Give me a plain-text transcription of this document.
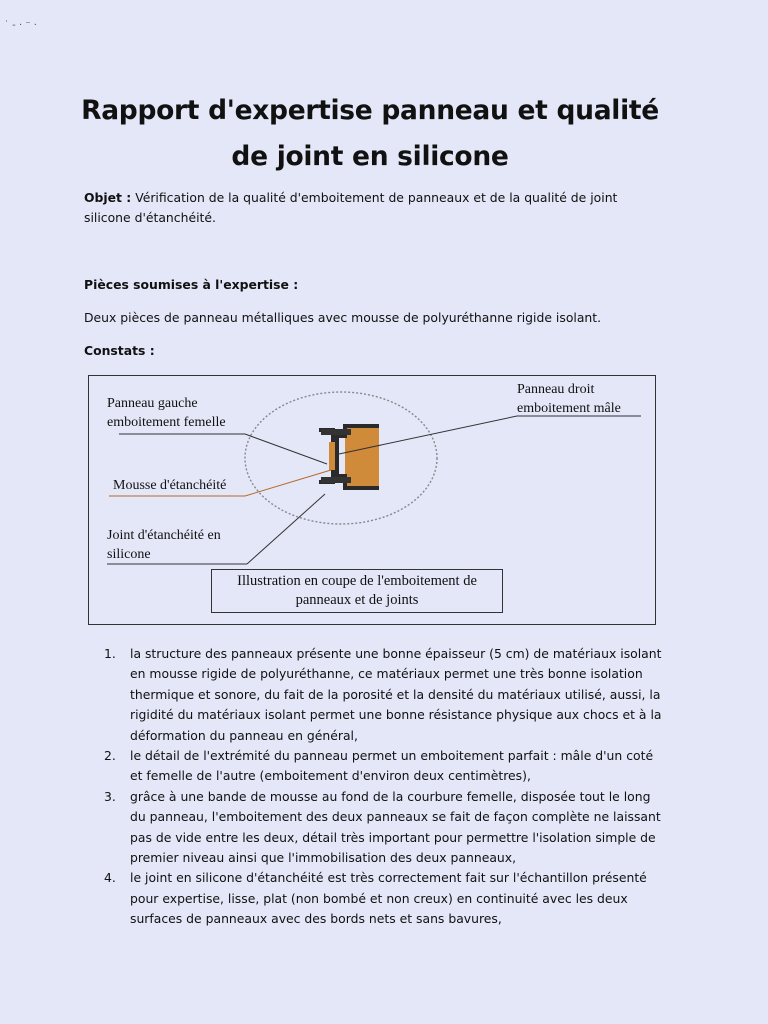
˙ ‐ · ⁻ ·
Rapport d'expertise panneau et qualité
de joint en silicone
Objet : Vérification de la qualité d'emboitement de panneaux et de la qualité de joint silicone d'étanchéité.
Pièces soumises à l'expertise :
Deux pièces de panneau métalliques avec mousse de polyuréthanne rigide isolant.
Constats :
Panneau gauche
emboitement femelle
Panneau droit
emboitement mâle
Mousse d'étanchéité
Joint d'étanchéité en
silicone
Illustration en coupe de l'emboitement de
panneaux et de joints
1. la structure des panneaux présente une bonne épaisseur (5 cm) de matériaux isolant en mousse rigide de polyuréthanne, ce matériaux permet une très bonne isolation thermique et sonore, du fait de la porosité et la densité du matériaux utilisé, aussi, la rigidité du matériaux isolant permet une bonne résistance physique aux chocs et à la déformation du panneau en général,
2. le détail de l'extrémité du panneau permet un emboitement parfait : mâle d'un coté et femelle de l'autre (emboitement d'environ deux centimètres),
3. grâce à une bande de mousse au fond de la courbure femelle, disposée tout le long du panneau, l'emboitement des deux panneaux se fait de façon complète ne laissant pas de vide entre les deux, détail très important pour permettre l'isolation simple de premier niveau ainsi que l'immobilisation des deux panneaux,
4. le joint en silicone d'étanchéité est très correctement fait sur l'échantillon présenté pour expertise, lisse, plat (non bombé et non creux) en continuité avec les deux surfaces de panneaux avec des bords nets et sans bavures,
